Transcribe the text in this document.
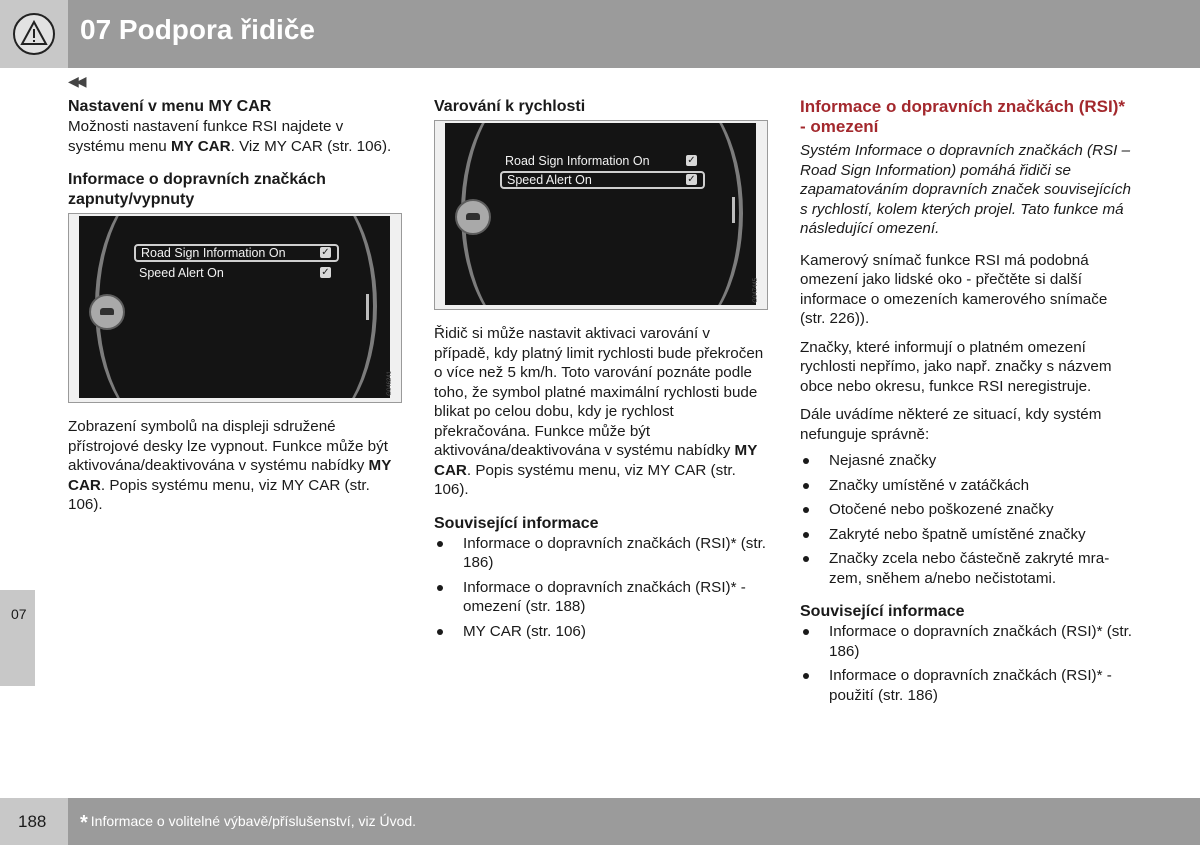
07 Podpora řidiče
◀◀
07
Nastavení v menu MY CAR

Možnosti nastavení funkce RSI najdete v systému menu MY CAR. Viz MY CAR (str. 106).

Informace o dopravních značkách zapnuty/vypnuty
Road Sign Information On	✓
Speed Alert On	✓
G046241

Zobrazení symbolů na displeji sdružené přístrojové desky lze vypnout. Funkce může být aktivována/deaktivována v systému nabídky MY CAR. Popis systému menu, viz MY CAR (str. 106).

Varování k rychlosti
Road Sign Information On	✓
Speed Alert On	✓
G047445

Řidič si může nastavit aktivaci varování v případě, kdy platný limit rychlosti bude překročen o více než 5 km/h. Toto varování poznáte podle toho, že symbol platné maximální rychlosti bude blikat po celou dobu, kdy je rychlost překračována. Funkce může být aktivována/deaktivována v systému nabídky MY CAR. Popis systému menu, viz MY CAR (str. 106).

Související informace
Informace o dopravních značkách (RSI)* (str. 186)
Informace o dopravních značkách (RSI)* - omezení (str. 188)
MY CAR (str. 106)
Informace o dopravních značkách (RSI)* - omezení

Systém Informace o dopravních značkách (RSI – Road Sign Information) pomáhá řidiči se zapamatováním dopravních značek souvisejících s rychlostí, kolem kterých projel. Tato funkce má následující omezení.

Kamerový snímač funkce RSI má podobná omezení jako lidské oko - přečtěte si další informace o omezeních kamerového snímače (str. 226)).

Značky, které informují o platném omezení rychlosti nepřímo, jako např. značky s názvem obce nebo okresu, funkce RSI neregistruje.

Dále uvádíme některé ze situací, kdy systém nefunguje správně:

Nejasné značky
Značky umístěné v zatáčkách
Otočené nebo poškozené značky
Zakryté nebo špatně umístěné značky
Značky zcela nebo částečně zakryté mrazem, sněhem a/nebo nečistotami.
Související informace
Informace o dopravních značkách (RSI)* (str. 186)
Informace o dopravních značkách (RSI)* - použití (str. 186)
188 * Informace o volitelné výbavě/příslušenství, viz Úvod.
